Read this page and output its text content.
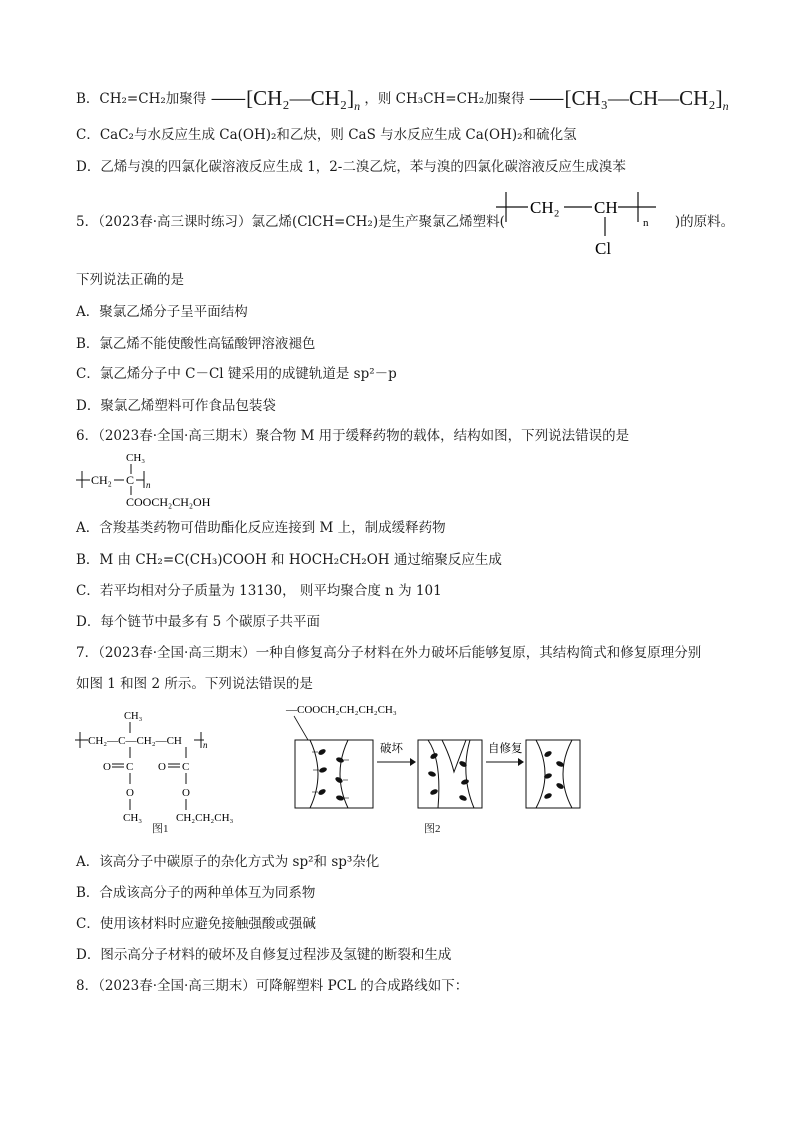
B．CH₂=CH₂加聚得 $⸺[CH_2—CH_2]_n$ ，则 CH₃CH=CH₂加聚得 $⸺[CH_3—CH—CH_2]_n$
C．CaC₂与水反应生成 Ca(OH)₂和乙炔，则 CaS 与水反应生成 Ca(OH)₂和硫化氢
D．乙烯与溴的四氯化碳溶液反应生成 1，2-二溴乙烷，苯与溴的四氯化碳溶液反应生成溴苯
5．（2023春·高三课时练习）氯乙烯(ClCH=CH₂)是生产聚氯乙烯塑料(	)的原料。
CH₂ CH
Cl
n
下列说法正确的是
A．聚氯乙烯分子呈平面结构
B．氯乙烯不能使酸性高锰酸钾溶液褪色
C．氯乙烯分子中 C－Cl 键采用的成键轨道是 sp²－p
D．聚氯乙烯塑料可作食品包装袋
6．（2023春·全国·高三期末）聚合物 M 用于缓释药物的载体，结构如图，下列说法错误的是
CH₃
CH₂ C n
COOCH₂CH₂OH
A．含羧基类药物可借助酯化反应连接到 M 上，制成缓释药物
B．M 由 CH₂=C(CH₃)COOH 和 HOCH₂CH₂OH 通过缩聚反应生成
C．若平均相对分子质量为 13130， 则平均聚合度 n 为 101
D．每个链节中最多有 5 个碳原子共平面
7．（2023春·全国·高三期末）一种自修复高分子材料在外力破坏后能够复原，其结构简式和修复原理分别
如图 1 和图 2 所示。下列说法错误的是
CH₃
CH₂—C—CH₂—CH n
O C O C
O	O
CH₃	CH₂CH₂CH₃
图1
—COOCH₂CH₂CH₂CH₃
破坏	自修复
图2
A．该高分子中碳原子的杂化方式为 sp²和 sp³杂化
B．合成该高分子的两种单体互为同系物
C．使用该材料时应避免接触强酸或强碱
D．图示高分子材料的破坏及自修复过程涉及氢键的断裂和生成
8．（2023春·全国·高三期末）可降解塑料 PCL 的合成路线如下：
